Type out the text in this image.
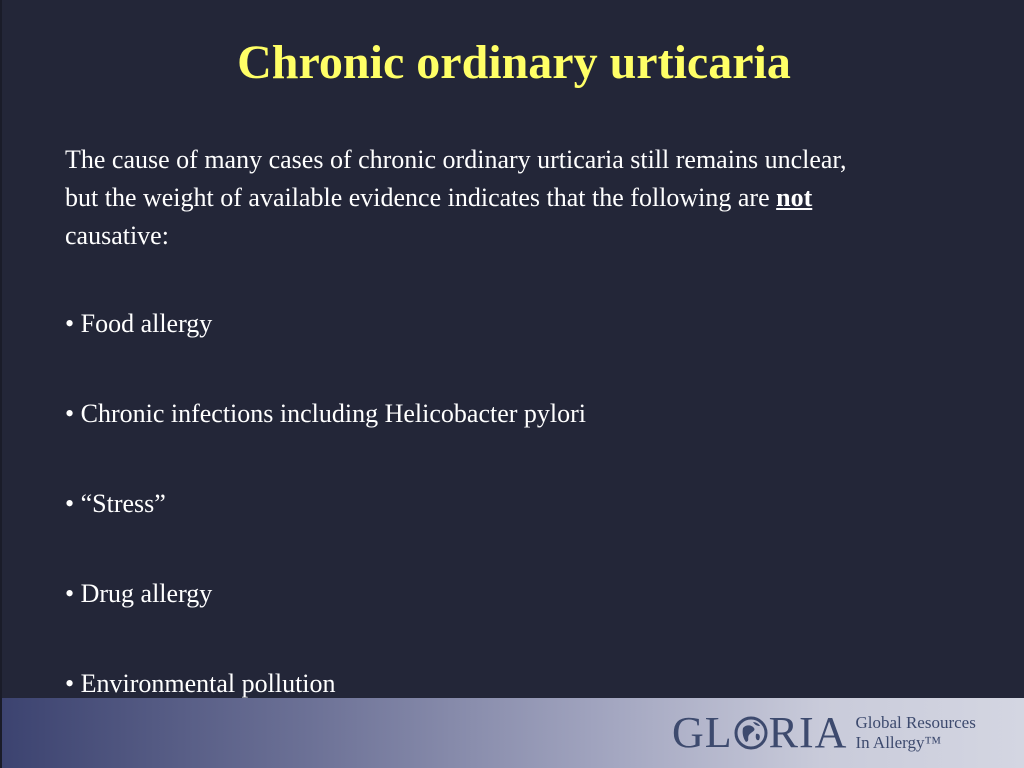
Chronic ordinary urticaria

The cause of many cases of chronic ordinary urticaria still remains unclear, but the weight of available evidence indicates that the following are not causative:

• Food allergy

• Chronic infections including Helicobacter pylori

• “Stress”

• Drug allergy

• Environmental pollution

GL RIA Global Resources
In Allergy™
